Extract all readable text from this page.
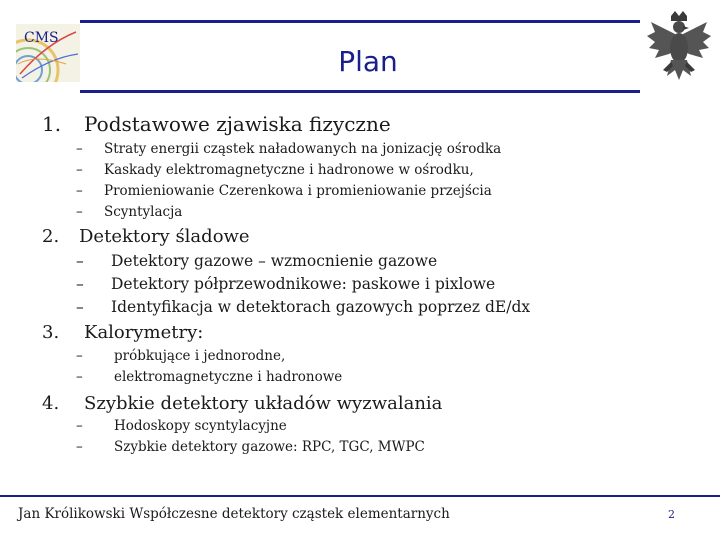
CMS
Plan
1. Podstawowe zjawiska fizyczne
– Straty energii cząstek naładowanych na jonizację ośrodka
– Kaskady elektromagnetyczne i hadronowe w ośrodku,
– Promieniowanie Czerenkowa i promieniowanie przejścia
– Scyntylacja
2. Detektory śladowe
– Detektory gazowe – wzmocnienie gazowe
– Detektory półprzewodnikowe: paskowe i pixlowe
– Identyfikacja w detektorach gazowych poprzez dE/dx
3. Kalorymetry:
– próbkujące i jednorodne,
– elektromagnetyczne i hadronowe
4. Szybkie detektory układów wyzwalania
– Hodoskopy scyntylacyjne
– Szybkie detektory gazowe: RPC, TGC, MWPC
Jan Królikowski Współczesne detektory cząstek elementarnych	2
